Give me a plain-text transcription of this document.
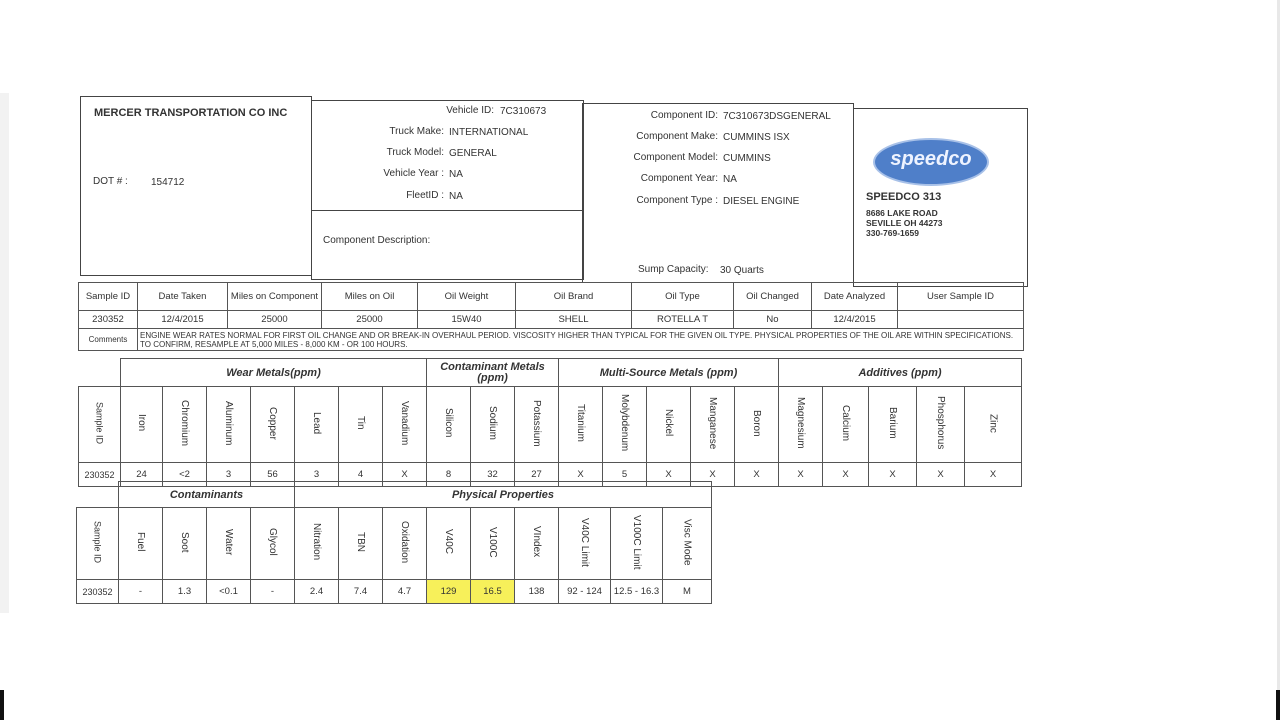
MERCER TRANSPORTATION CO INC
DOT # : 154712
Vehicle ID: 7C310673
Truck Make: INTERNATIONAL
Truck Model: GENERAL
Vehicle Year : NA
FleetID : NA
Component Description:
Component ID: 7C310673DSGENERAL
Component Make: CUMMINS ISX
Component Model: CUMMINS
Component Year: NA
Component Type : DIESEL ENGINE
Sump Capacity: 30 Quarts
speedco
SPEEDCO 313
8686 LAKE ROAD
SEVILLE OH 44273
330-769-1659
Sample ID	Date Taken	Miles on Component	Miles on Oil	Oil Weight	Oil Brand	Oil Type	Oil Changed	Date Analyzed	User Sample ID
230352	12/4/2015	25000	25000	15W40	SHELL	ROTELLA T	No	12/4/2015	
Comments	ENGINE WEAR RATES NORMAL FOR FIRST OIL CHANGE AND OR BREAK-IN OVERHAUL PERIOD. VISCOSITY HIGHER THAN TYPICAL FOR THE GIVEN OIL TYPE. PHYSICAL PROPERTIES OF THE OIL ARE WITHIN SPECIFICATIONS. TO CONFIRM, RESAMPLE AT 5,000 MILES - 8,000 KM - OR 100 HOURS.								
	Wear Metals(ppm)							Contaminant Metals (ppm)			Multi-Source Metals (ppm)					Additives (ppm)				
Sample ID	Iron	Chromium	Aluminum	Copper	Lead	Tin	Vanadium	Silicon	Sodium	Potassium	Titanium	Molybdenum	Nickel	Manganese	Boron	Magnesium	Calcium	Barium	Phosphorus	Zinc
230352	24	<2	3	56	3	4	X	8	32	27	X	5	X	X	X	X	X	X	X	X
	Contaminants				Physical Properties								
Sample ID	Fuel	Soot	Water	Glycol	Nitration	TBN	Oxidation	V40C	V100C	VIndex	V40C Limit	V100C Limit	Visc Mode
230352	-	1.3	<0.1	-	2.4	7.4	4.7	129	16.5	138	92 - 124	12.5 - 16.3	M
